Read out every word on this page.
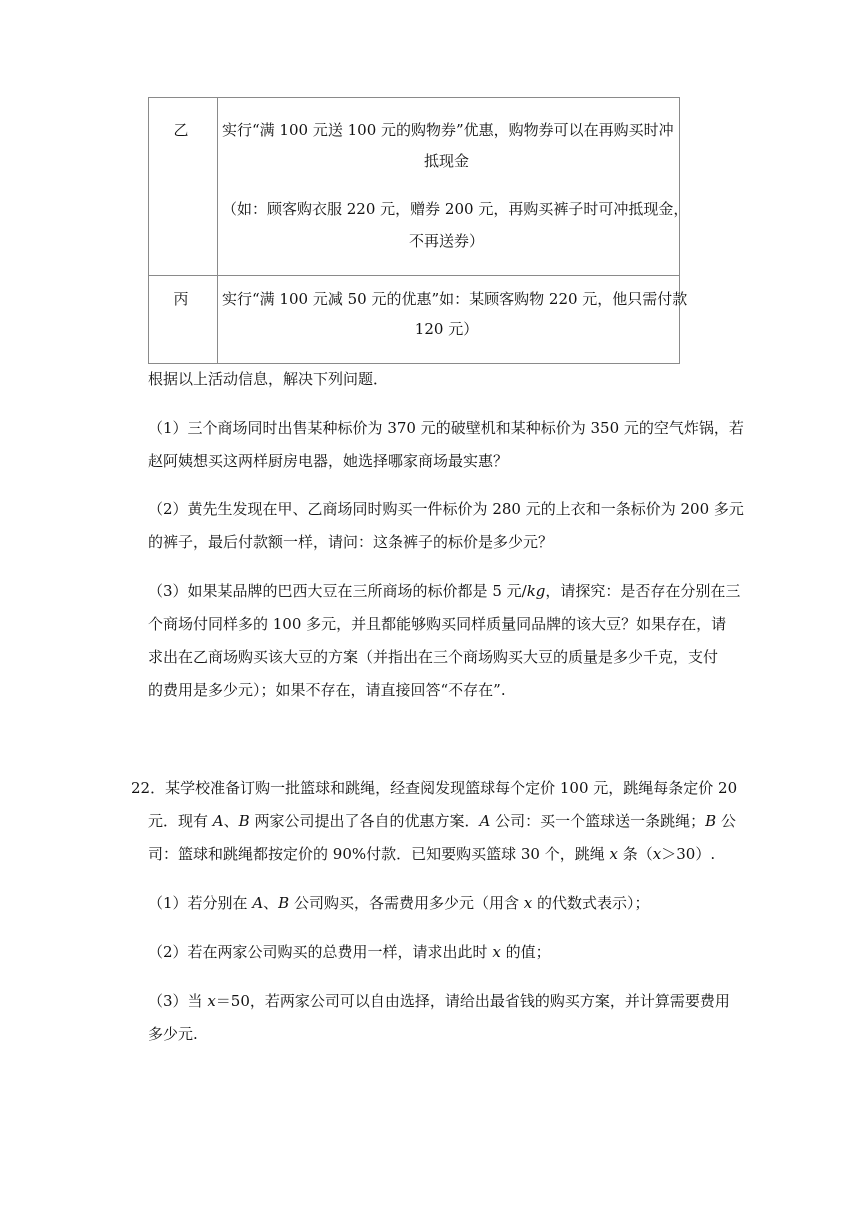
乙	实行“满 100 元送 100 元的购物券”优惠，购物券可以在再购买时冲
抵现金
（如：顾客购衣服 220 元，赠券 200 元，再购买裤子时可冲抵现金，
不再送券）
丙	实行“满 100 元减 50 元的优惠”如：某顾客购物 220 元，他只需付款
120 元）
根据以上活动信息，解决下列问题．
（1）三个商场同时出售某种标价为 370 元的破壁机和某种标价为 350 元的空气炸锅，若
赵阿姨想买这两样厨房电器，她选择哪家商场最实惠？
（2）黄先生发现在甲、乙商场同时购买一件标价为 280 元的上衣和一条标价为 200 多元
的裤子，最后付款额一样，请问：这条裤子的标价是多少元？
（3）如果某品牌的巴西大豆在三所商场的标价都是 5 元/kg，请探究：是否存在分别在三
个商场付同样多的 100 多元，并且都能够购买同样质量同品牌的该大豆？如果存在，请
求出在乙商场购买该大豆的方案（并指出在三个商场购买大豆的质量是多少千克，支付
的费用是多少元）；如果不存在，请直接回答“不存在”.
22．某学校准备订购一批篮球和跳绳，经查阅发现篮球每个定价 100 元，跳绳每条定价 20
元．现有 A、B 两家公司提出了各自的优惠方案．A 公司：买一个篮球送一条跳绳；B 公
司：篮球和跳绳都按定价的 90%付款．已知要购买篮球 30 个，跳绳 x 条（x＞30）.
（1）若分别在 A、B 公司购买，各需费用多少元（用含 x 的代数式表示）；
（2）若在两家公司购买的总费用一样，请求出此时 x 的值；
（3）当 x＝50，若两家公司可以自由选择，请给出最省钱的购买方案，并计算需要费用
多少元.
